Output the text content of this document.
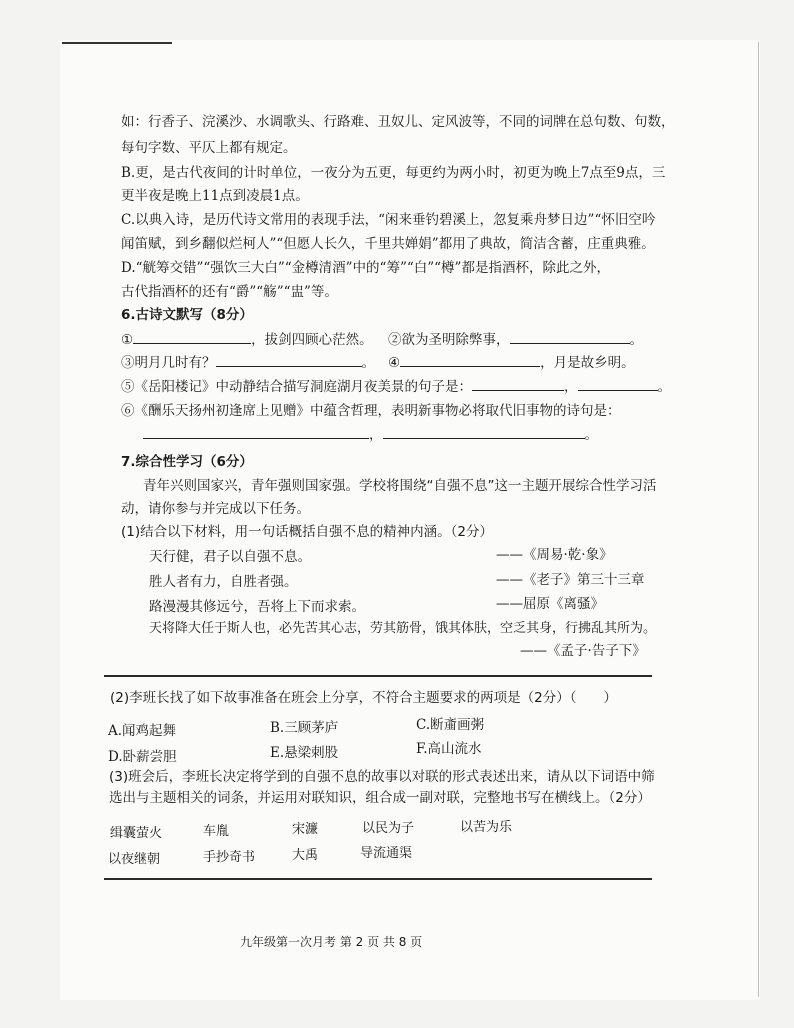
如：行香子、浣溪沙、水调歌头、行路难、丑奴儿、定风波等，不同的词牌在总句数、句数，
每句字数、平仄上都有规定。
B.更，是古代夜间的计时单位，一夜分为五更，每更约为两小时，初更为晚上7点至9点，三
更半夜是晚上11点到凌晨1点。
C.以典入诗，是历代诗文常用的表现手法，“闲来垂钓碧溪上，忽复乘舟梦日边”“怀旧空吟
闻笛赋，到乡翻似烂柯人”“但愿人长久，千里共婵娟”都用了典故，简洁含蓄，庄重典雅。
D.“觥筹交错”“强饮三大白”“金樽清酒”中的“筹”“白”“樽”都是指酒杯，除此之外，
古代指酒杯的还有“爵”“觞”“盅”等。
6.古诗文默写（8分）
①	，拔剑四顾心茫然。 ②欲为圣明除弊事，	。
③明月几时有？	。 ④	，月是故乡明。
⑤《岳阳楼记》中动静结合描写洞庭湖月夜美景的句子是：	，	。
⑥《酬乐天扬州初逢席上见赠》中蕴含哲理，表明新事物必将取代旧事物的诗句是：
，	。
7.综合性学习（6分）
青年兴则国家兴，青年强则国家强。学校将围绕“自强不息”这一主题开展综合性学习活
动，请你参与并完成以下任务。
(1)结合以下材料，用一句话概括自强不息的精神内涵。（2分）
天行健，君子以自强不息。	——《周易·乾·象》
胜人者有力，自胜者强。	——《老子》第三十三章
路漫漫其修远兮，吾将上下而求索。	——屈原《离骚》
天将降大任于斯人也，必先苦其心志，劳其筋骨，饿其体肤，空乏其身，行拂乱其所为。
——《孟子·告子下》
(2)李班长找了如下故事准备在班会上分享，不符合主题要求的两项是（2分）（　　）
A.闻鸡起舞	B.三顾茅庐	C.断齑画粥
D.卧薪尝胆	E.悬梁刺股	F.高山流水
(3)班会后，李班长决定将学到的自强不息的故事以对联的形式表述出来，请从以下词语中筛
选出与主题相关的词条，并运用对联知识，组合成一副对联，完整地书写在横线上。（2分）
缉囊萤火	车胤	宋濂	以民为子	以苦为乐
以夜继朝	手抄奇书	大禹	导流通渠
九年级第一次月考 第 2 页 共 8 页
